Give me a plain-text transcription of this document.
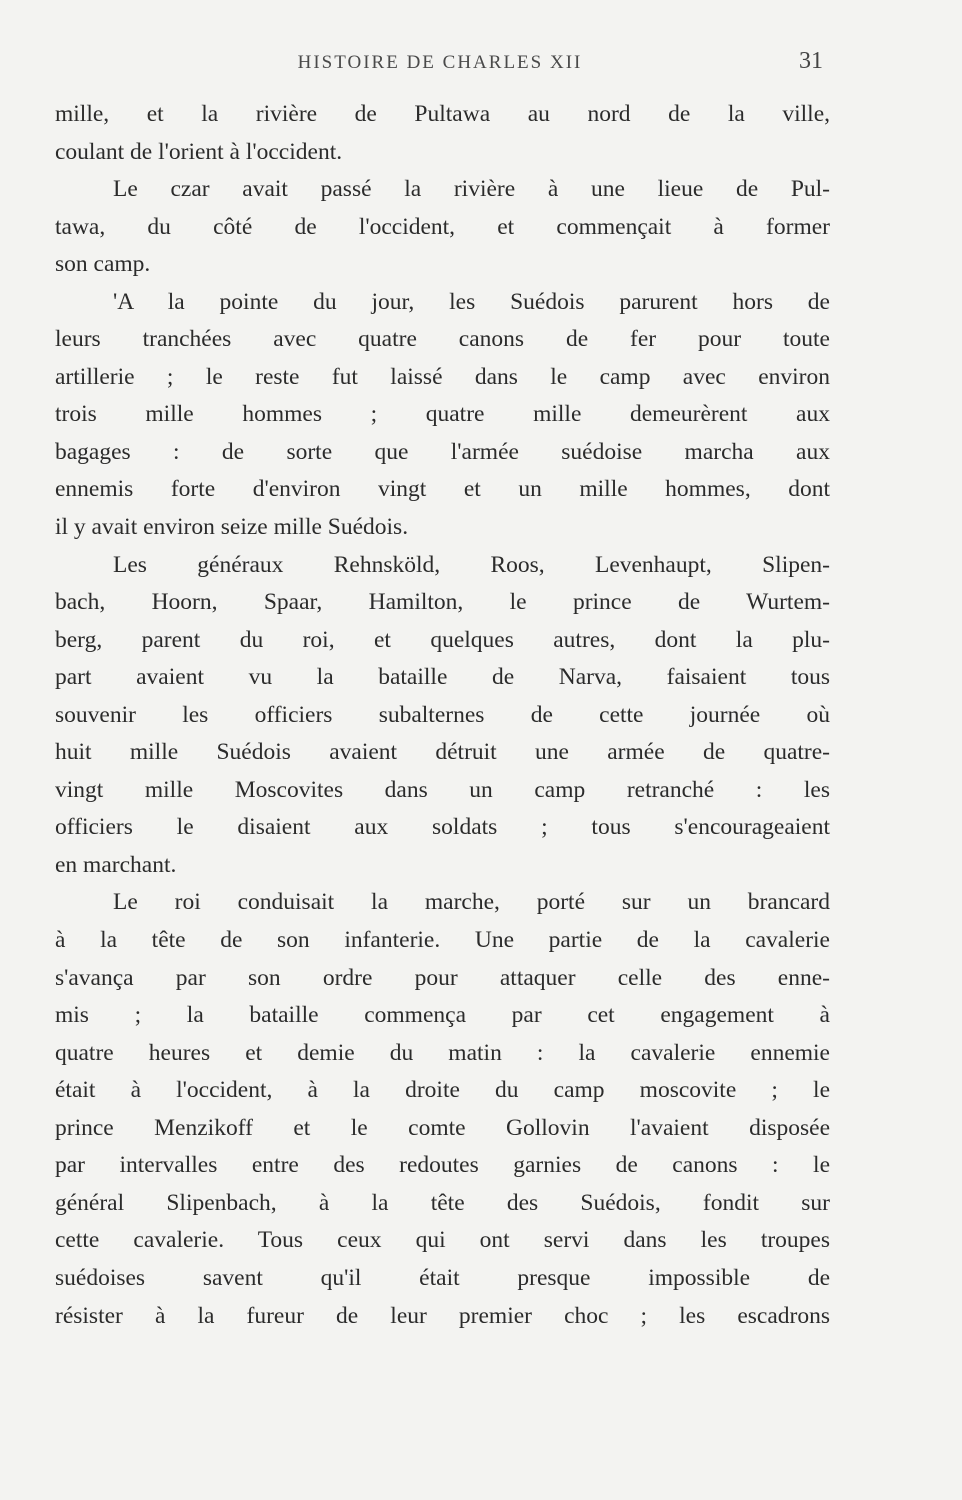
HISTOIRE DE CHARLES XII	31
mille, et la rivière de Pultawa au nord de la ville,
coulant de l'orient à l'occident.
Le czar avait passé la rivière à une lieue de Pul-
tawa, du côté de l'occident, et commençait à former
son camp.
'A la pointe du jour, les Suédois parurent hors de
leurs tranchées avec quatre canons de fer pour toute
artillerie ; le reste fut laissé dans le camp avec environ
trois mille hommes ; quatre mille demeurèrent aux
bagages : de sorte que l'armée suédoise marcha aux
ennemis forte d'environ vingt et un mille hommes, dont
il y avait environ seize mille Suédois.
Les généraux Rehnsköld, Roos, Levenhaupt, Slipen-
bach, Hoorn, Spaar, Hamilton, le prince de Wurtem-
berg, parent du roi, et quelques autres, dont la plu-
part avaient vu la bataille de Narva, faisaient tous
souvenir les officiers subalternes de cette journée où
huit mille Suédois avaient détruit une armée de quatre-
vingt mille Moscovites dans un camp retranché : les
officiers le disaient aux soldats ; tous s'encourageaient
en marchant.
Le roi conduisait la marche, porté sur un brancard
à la tête de son infanterie. Une partie de la cavalerie
s'avança par son ordre pour attaquer celle des enne-
mis ; la bataille commença par cet engagement à
quatre heures et demie du matin : la cavalerie ennemie
était à l'occident, à la droite du camp moscovite ; le
prince Menzikoff et le comte Gollovin l'avaient disposée
par intervalles entre des redoutes garnies de canons : le
général Slipenbach, à la tête des Suédois, fondit sur
cette cavalerie. Tous ceux qui ont servi dans les troupes
suédoises savent qu'il était presque impossible de
résister à la fureur de leur premier choc ; les escadrons
